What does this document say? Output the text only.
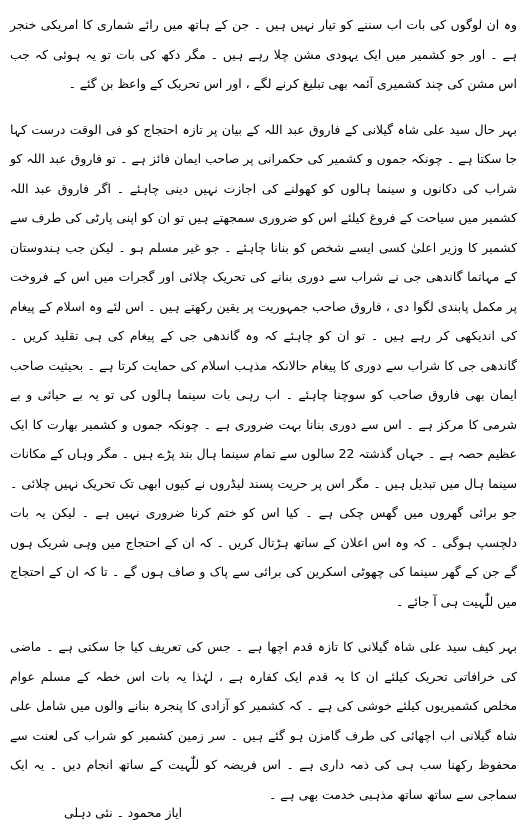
وہ ان لوگوں کی بات اب سننے کو تیار نہیں ہیں ۔ جن کے ہاتھ میں رائے شماری کا امریکی خنجر ہے ۔ اور جو کشمیر میں ایک یہودی مشن چلا رہے ہیں ۔ مگر دکھ کی بات تو یہ ہوئی کہ جب اس مشن کی چند کشمیری آئمہ بھی تبلیغ کرنے لگے ، اور اس تحریک کے واعظ بن گئے ۔

بہر حال سید علی شاہ گیلانی کے فاروق عبد اللہ کے بیان پر تازہ احتجاج کو فی الوقت درست کہا جا سکتا ہے ۔ چونکہ جموں و کشمیر کی حکمرانی پر صاحب ایمان فائز ہے ۔ تو فاروق عبد اللہ کو شراب کی دکانوں و سینما ہالوں کو کھولنے کی اجازت نہیں دینی چاہئے ۔ اگر فاروق عبد اللہ کشمیر میں سیاحت کے فروغ کیلئے اس کو ضروری سمجھتے ہیں تو ان کو اپنی پارٹی کی طرف سے کشمیر کا وزیر اعلیٰ کسی ایسے شخص کو بنانا چاہئے ۔ جو غیر مسلم ہو ۔ لیکن جب ہندوستان کے مہاتما گاندھی جی نے شراب سے دوری بنانے کی تحریک چلائی اور گجرات میں اس کے فروخت پر مکمل پابندی لگوا دی ، فاروق صاحب جمہوریت پر یقین رکھتے ہیں ۔ اس لئے وہ اسلام کے پیغام کی اندیکھی کر رہے ہیں ۔ تو ان کو چاہئے کہ وہ گاندھی جی کے پیغام کی ہی تقلید کریں ۔ گاندھی جی کا شراب سے دوری کا پیغام حالانکہ مذہب اسلام کی حمایت کرتا ہے ۔ بحیثیت صاحب ایمان بھی فاروق صاحب کو سوچنا چاہئے ۔ اب رہی بات سینما ہالوں کی تو یہ بے حیائی و بے شرمی کا مرکز ہے ۔ اس سے دوری بنانا بہت ضروری ہے ۔ چونکہ جموں و کشمیر بھارت کا ایک عظیم حصہ ہے ۔ جہاں گذشتہ 22 سالوں سے تمام سینما ہال بند پڑے ہیں ۔ مگر وہاں کے مکانات سینما ہال میں تبدیل ہیں ۔ مگر اس پر حریت پسند لیڈروں نے کیوں ابھی تک تحریک نہیں چلائی ۔ جو برائی گھروں میں گھس چکی ہے ۔ کیا اس کو ختم کرنا ضروری نہیں ہے ۔ لیکن یہ بات دلچسپ ہوگی ۔ کہ وہ اس اعلان کے ساتھ ہڑتال کریں ۔ کہ ان کے احتجاج میں وہی شریک ہوں گے جن کے گھر سینما کی چھوٹی اسکرین کی برائی سے پاک و صاف ہوں گے ۔ تا کہ ان کے احتجاج میں للّٰہیت ہی آ جائے ۔

بہر کیف سید علی شاہ گیلانی کا تازہ قدم اچھا ہے ۔ جس کی تعریف کیا جا سکتی ہے ۔ ماضی کی خرافاتی تحریک کیلئے ان کا یہ قدم ایک کفارہ ہے ، لہٰذا یہ بات اس خطہ کے مسلم عوام مخلص کشمیریوں کیلئے خوشی کی ہے ۔ کہ کشمیر کو آزادی کا پنجرہ بنانے والوں میں شامل علی شاہ گیلانی اب اچھائی کی طرف گامزن ہو گئے ہیں ۔ سر زمین کشمیر کو شراب کی لعنت سے محفوظ رکھنا سب ہی کی ذمہ داری ہے ۔ اس فریضہ کو للّٰہیت کے ساتھ انجام دیں ۔ یہ ایک سماجی سے ساتھ ساتھ مذہبی خدمت بھی ہے ۔

ایاز محمود ۔ نئی دہلی
